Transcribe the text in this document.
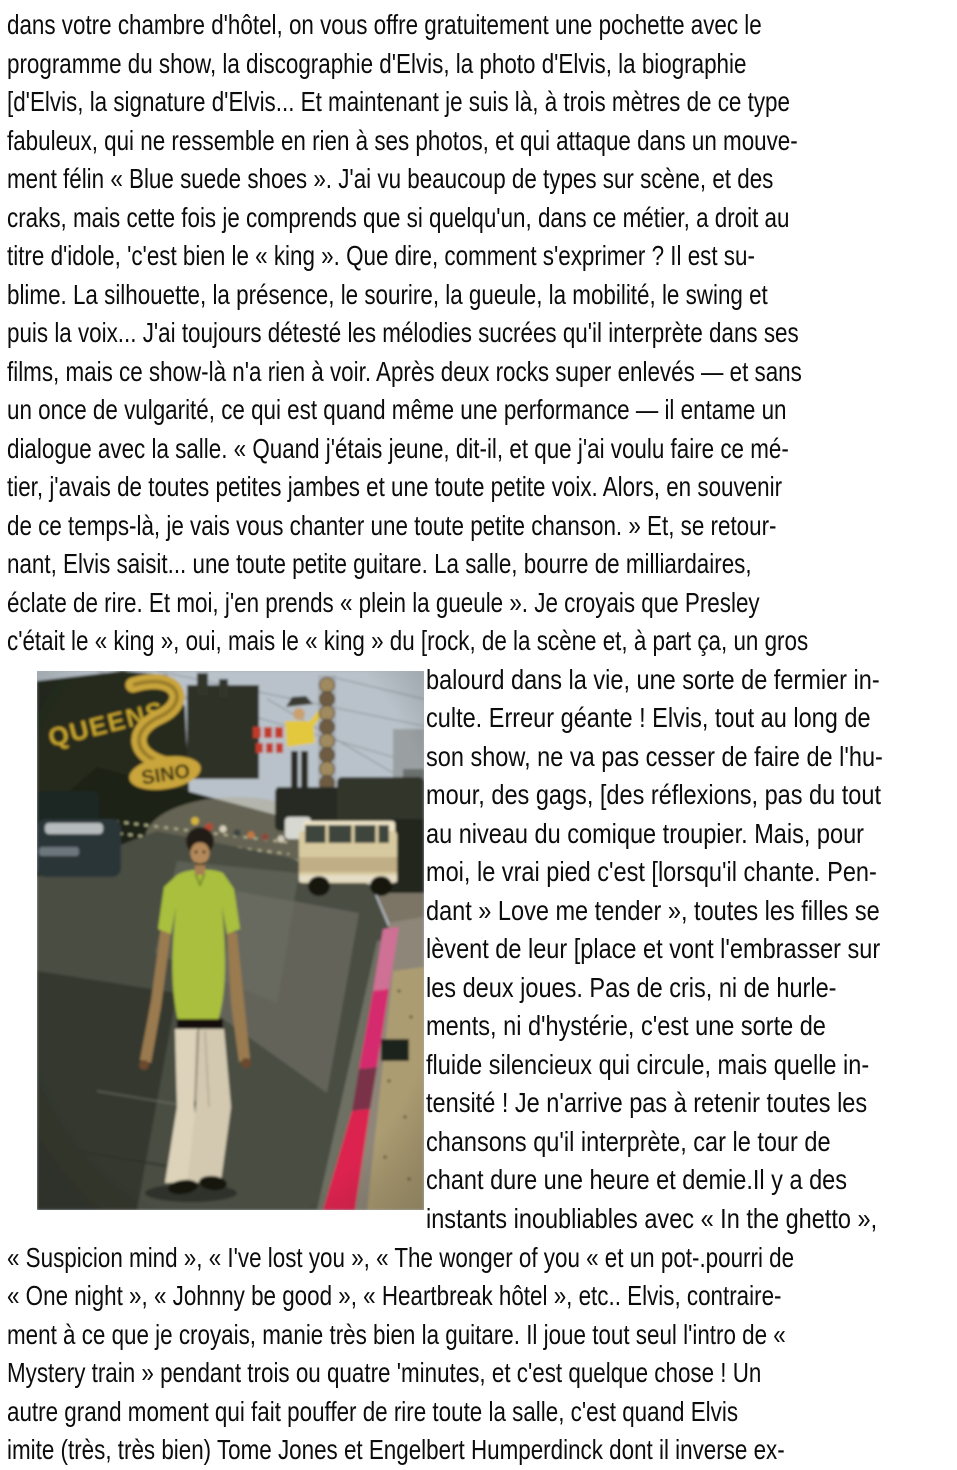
dans votre chambre d'hôtel, on vous offre gratuitement une pochette avec le
programme du show, la discographie d'Elvis, la photo d'Elvis, la biographie
[d'Elvis, la signature d'Elvis... Et maintenant je suis là, à trois mètres de ce type
fabuleux, qui ne ressemble en rien à ses photos, et qui attaque dans un mouve-
ment félin « Blue suede shoes ». J'ai vu beaucoup de types sur scène, et des
craks, mais cette fois je comprends que si quelqu'un, dans ce métier, a droit au
titre d'idole, 'c'est bien le « king ». Que dire, comment s'exprimer ? Il est su-
blime. La silhouette, la présence, le sourire, la gueule, la mobilité, le swing et
puis la voix... J'ai toujours détesté les mélodies sucrées qu'il interprète dans ses
films, mais ce show-là n'a rien à voir. Après deux rocks super enlevés — et sans
un once de vulgarité, ce qui est quand même une performance — il entame un
dialogue avec la salle. « Quand j'étais jeune, dit-il, et que j'ai voulu faire ce mé-
tier, j'avais de toutes petites jambes et une toute petite voix. Alors, en souvenir
de ce temps-là, je vais vous chanter une toute petite chanson. » Et, se retour-
nant, Elvis saisit... une toute petite guitare. La salle, bourre de milliardaires,
éclate de rire. Et moi, j'en prends « plein la gueule ». Je croyais que Presley
c'était le « king », oui, mais le « king » du [rock, de la scène et, à part ça, un gros
balourd dans la vie, une sorte de fermier in-
culte. Erreur géante ! Elvis, tout au long de
son show, ne va pas cesser de faire de l'hu-
mour, des gags, [des réflexions, pas du tout
au niveau du comique troupier. Mais, pour
moi, le vrai pied c'est [lorsqu'il chante. Pen-
dant » Love me tender », toutes les filles se
lèvent de leur [place et vont l'embrasser sur
les deux joues. Pas de cris, ni de hurle-
ments, ni d'hystérie, c'est une sorte de
fluide silencieux qui circule, mais quelle in-
tensité ! Je n'arrive pas à retenir toutes les
chansons qu'il interprète, car le tour de
chant dure une heure et demie.Il y a des
instants inoubliables avec « In the ghetto »,
« Suspicion mind », « I've lost you », « The wonger of you « et un pot-.pourri de
« One night », « Johnny be good », « Heartbreak hôtel », etc.. Elvis, contraire-
ment à ce que je croyais, manie très bien la guitare. Il joue tout seul l'intro de «
Mystery train » pendant trois ou quatre 'minutes, et c'est quelque chose ! Un
autre grand moment qui fait pouffer de rire toute la salle, c'est quand Elvis
imite (très, très bien) Tome Jones et Engelbert Humperdinck dont il inverse ex-
